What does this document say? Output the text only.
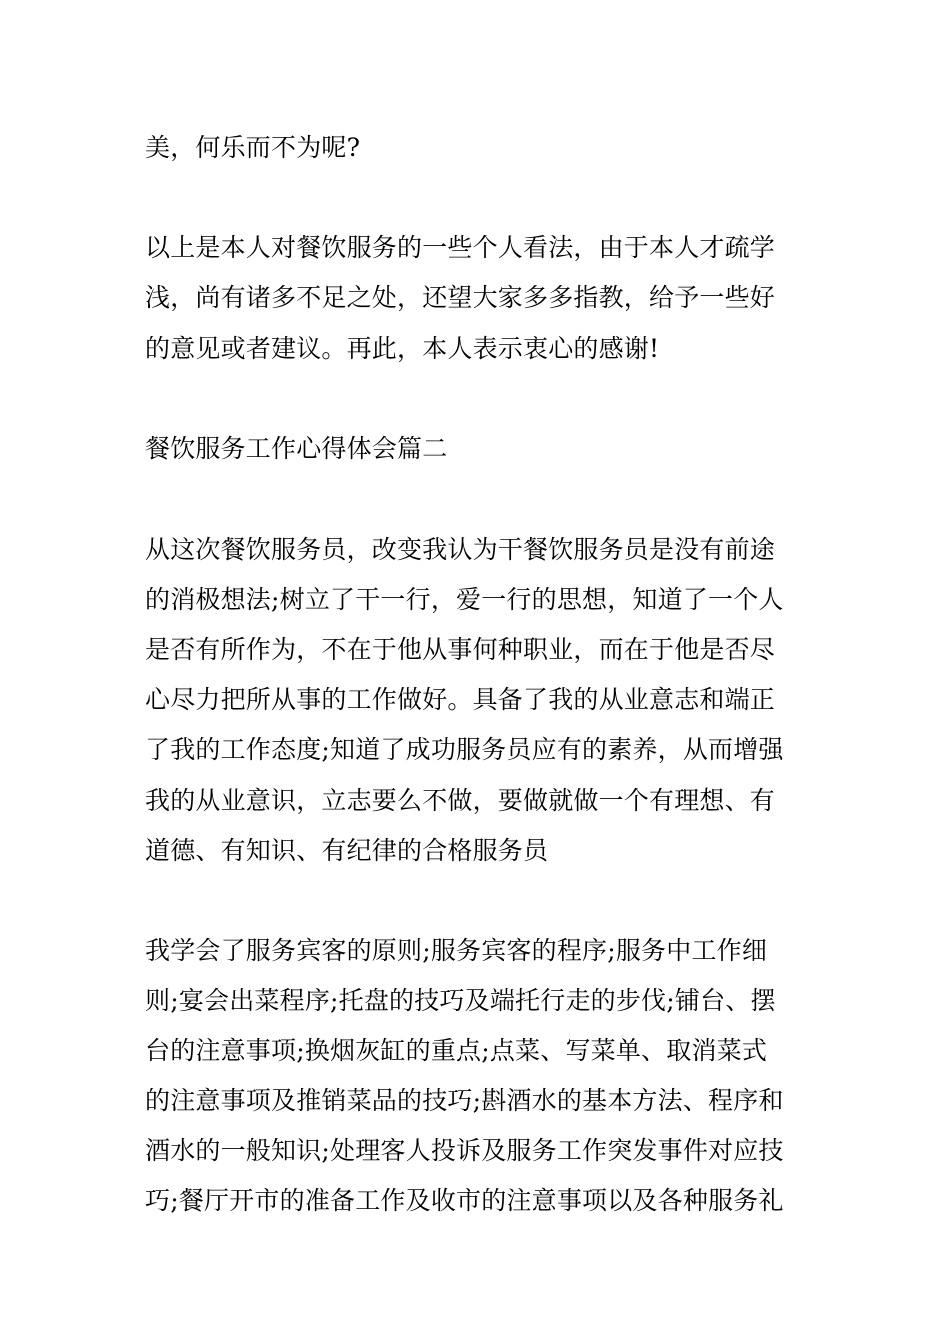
美，何乐而不为呢?
以上是本人对餐饮服务的一些个人看法，由于本人才疏学
浅，尚有诸多不足之处，还望大家多多指教，给予一些好
的意见或者建议。再此，本人表示衷心的感谢!
餐饮服务工作心得体会篇二
从这次餐饮服务员，改变我认为干餐饮服务员是没有前途
的消极想法;树立了干一行，爱一行的思想，知道了一个人
是否有所作为，不在于他从事何种职业，而在于他是否尽
心尽力把所从事的工作做好。具备了我的从业意志和端正
了我的工作态度;知道了成功服务员应有的素养，从而增强
我的从业意识，立志要么不做，要做就做一个有理想、有
道德、有知识、有纪律的合格服务员
我学会了服务宾客的原则;服务宾客的程序;服务中工作细
则;宴会出菜程序;托盘的技巧及端托行走的步伐;铺台、摆
台的注意事项;换烟灰缸的重点;点菜、写菜单、取消菜式
的注意事项及推销菜品的技巧;斟酒水的基本方法、程序和
酒水的一般知识;处理客人投诉及服务工作突发事件对应技
巧;餐厅开市的准备工作及收市的注意事项以及各种服务礼
